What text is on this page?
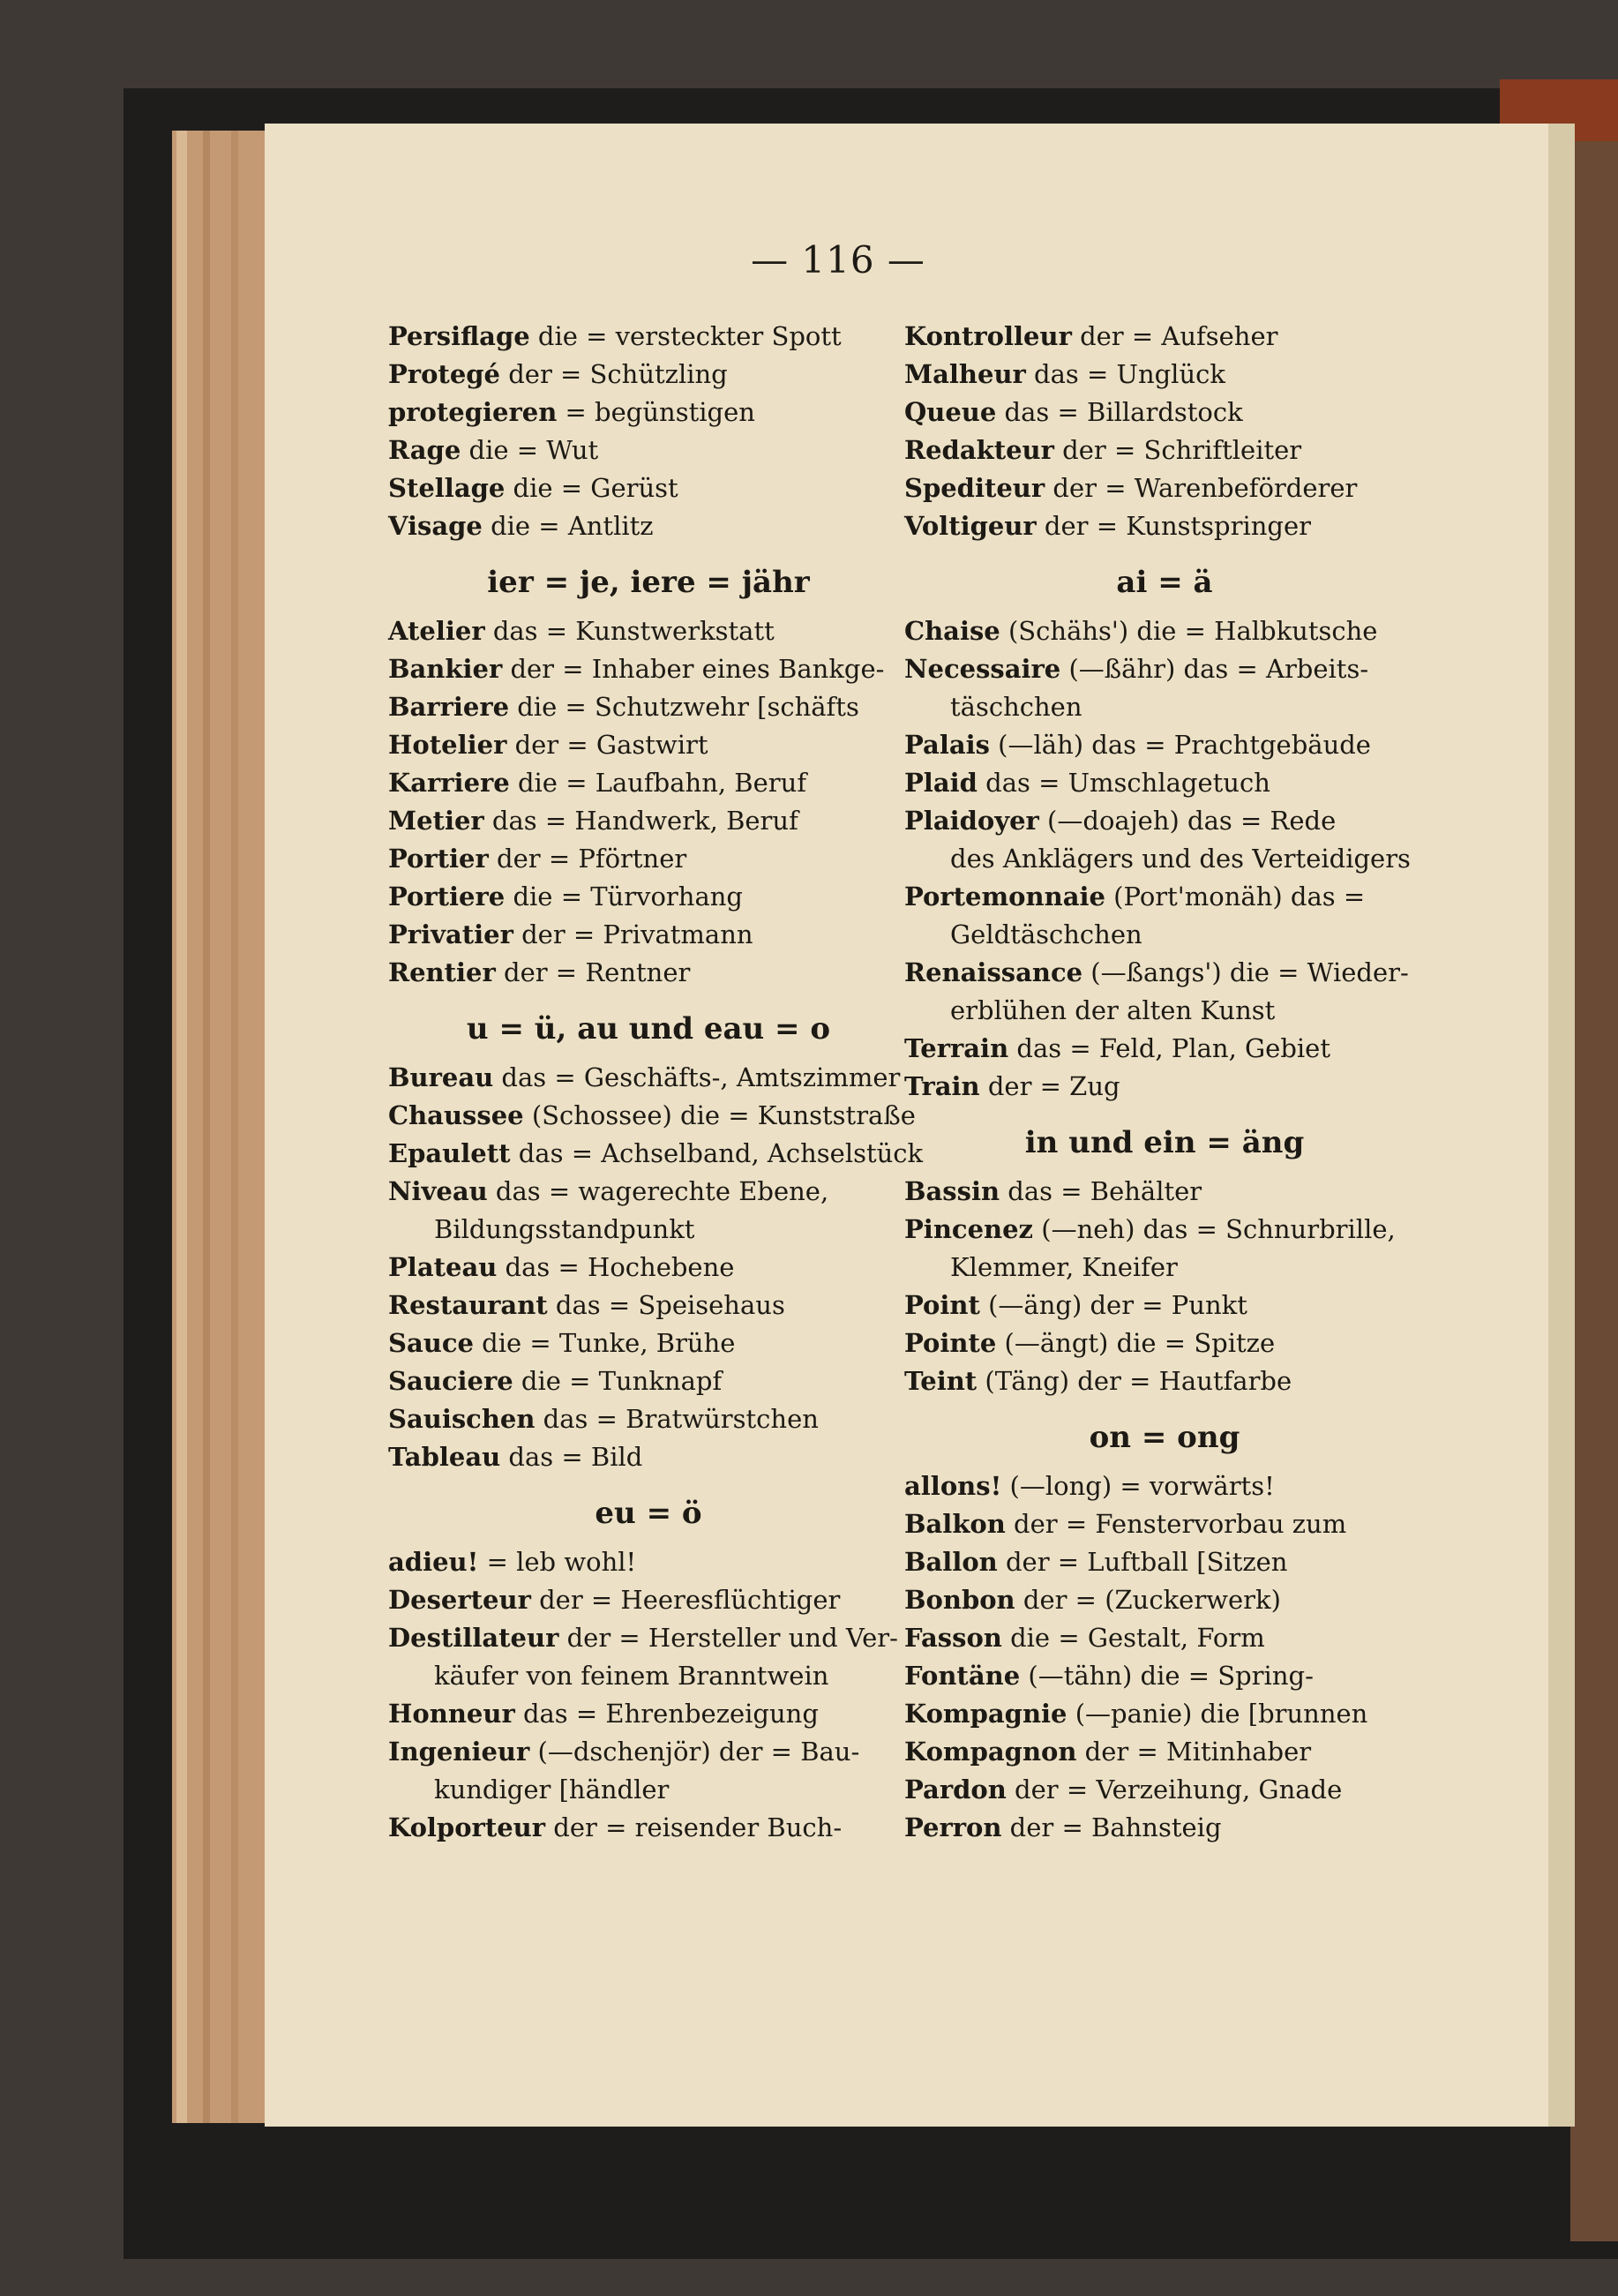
— 116 —
Persiflage die = versteckter Spott
Protegé der = Schützling
protegieren = begünstigen
Rage die = Wut
Stellage die = Gerüst
Visage die = Antlitz
ier = je, iere = jähr
Atelier das = Kunstwerkstatt
Bankier der = Inhaber eines Bankge-
Barriere die = Schutzwehr [schäfts
Hotelier der = Gastwirt
Karriere die = Laufbahn, Beruf
Metier das = Handwerk, Beruf
Portier der = Pförtner
Portiere die = Türvorhang
Privatier der = Privatmann
Rentier der = Rentner
u = ü, au und eau = o
Bureau das = Geschäfts-, Amtszimmer
Chaussee (Schossee) die = Kunststraße
Epaulett das = Achselband, Achselstück
Niveau das = wagerechte Ebene,
Bildungsstandpunkt
Plateau das = Hochebene
Restaurant das = Speisehaus
Sauce die = Tunke, Brühe
Sauciere die = Tunknapf
Sauischen das = Bratwürstchen
Tableau das = Bild
eu = ö
adieu! = leb wohl!
Deserteur der = Heeresflüchtiger
Destillateur der = Hersteller und Ver-
käufer von feinem Branntwein
Honneur das = Ehrenbezeigung
Ingenieur (—dschenjör) der = Bau-
kundiger [händler
Kolporteur der = reisender Buch-
Kontrolleur der = Aufseher
Malheur das = Unglück
Queue das = Billardstock
Redakteur der = Schriftleiter
Spediteur der = Warenbeförderer
Voltigeur der = Kunstspringer
ai = ä
Chaise (Schähs') die = Halbkutsche
Necessaire (—ßähr) das = Arbeits-
täschchen
Palais (—läh) das = Prachtgebäude
Plaid das = Umschlagetuch
Plaidoyer (—doajeh) das = Rede
des Anklägers und des Verteidigers
Portemonnaie (Port'monäh) das =
Geldtäschchen
Renaissance (—ßangs') die = Wieder-
erblühen der alten Kunst
Terrain das = Feld, Plan, Gebiet
Train der = Zug
in und ein = äng
Bassin das = Behälter
Pincenez (—neh) das = Schnurbrille,
Klemmer, Kneifer
Point (—äng) der = Punkt
Pointe (—ängt) die = Spitze
Teint (Täng) der = Hautfarbe
on = ong
allons! (—long) = vorwärts!
Balkon der = Fenstervorbau zum
Ballon der = Luftball [Sitzen
Bonbon der = (Zuckerwerk)
Fasson die = Gestalt, Form
Fontäne (—tähn) die = Spring-
Kompagnie (—panie) die [brunnen
Kompagnon der = Mitinhaber
Pardon der = Verzeihung, Gnade
Perron der = Bahnsteig
